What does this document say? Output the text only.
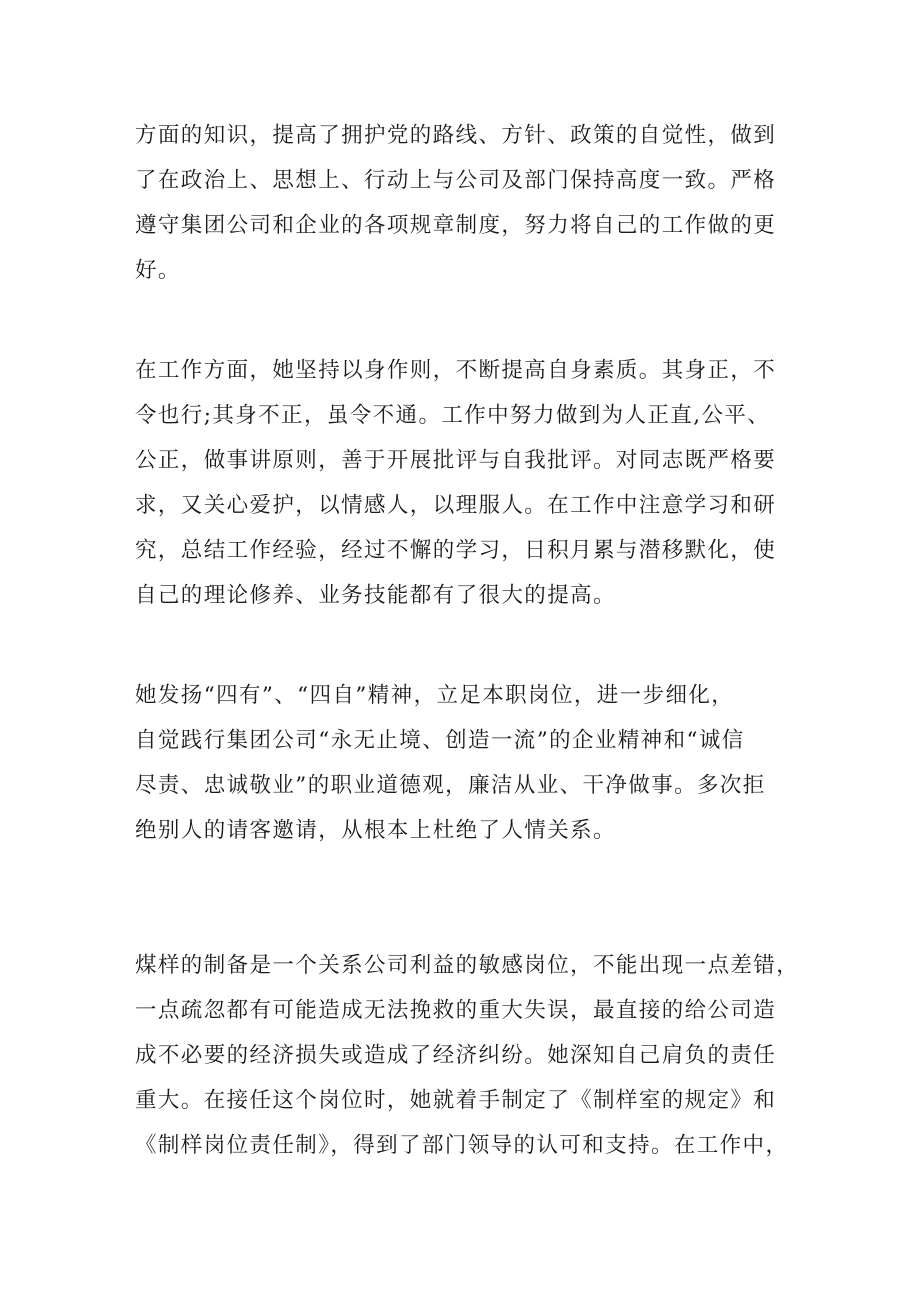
方面的知识，提高了拥护党的路线、方针、政策的自觉性，做到
了在政治上、思想上、行动上与公司及部门保持高度一致。严格
遵守集团公司和企业的各项规章制度，努力将自己的工作做的更
好。
在工作方面，她坚持以身作则，不断提高自身素质。其身正，不
令也行;其身不正，虽令不通。工作中努力做到为人正直,公平、
公正，做事讲原则，善于开展批评与自我批评。对同志既严格要
求，又关心爱护，以情感人，以理服人。在工作中注意学习和研
究，总结工作经验，经过不懈的学习，日积月累与潜移默化，使
自己的理论修养、业务技能都有了很大的提高。
她发扬“四有”、“四自”精神，立足本职岗位，进一步细化，
自觉践行集团公司“永无止境、创造一流”的企业精神和“诚信
尽责、忠诚敬业”的职业道德观，廉洁从业、干净做事。多次拒
绝别人的请客邀请，从根本上杜绝了人情关系。
煤样的制备是一个关系公司利益的敏感岗位，不能出现一点差错，
一点疏忽都有可能造成无法挽救的重大失误，最直接的给公司造
成不必要的经济损失或造成了经济纠纷。她深知自己肩负的责任
重大。在接任这个岗位时，她就着手制定了《制样室的规定》和
《制样岗位责任制》，得到了部门领导的认可和支持。在工作中，
